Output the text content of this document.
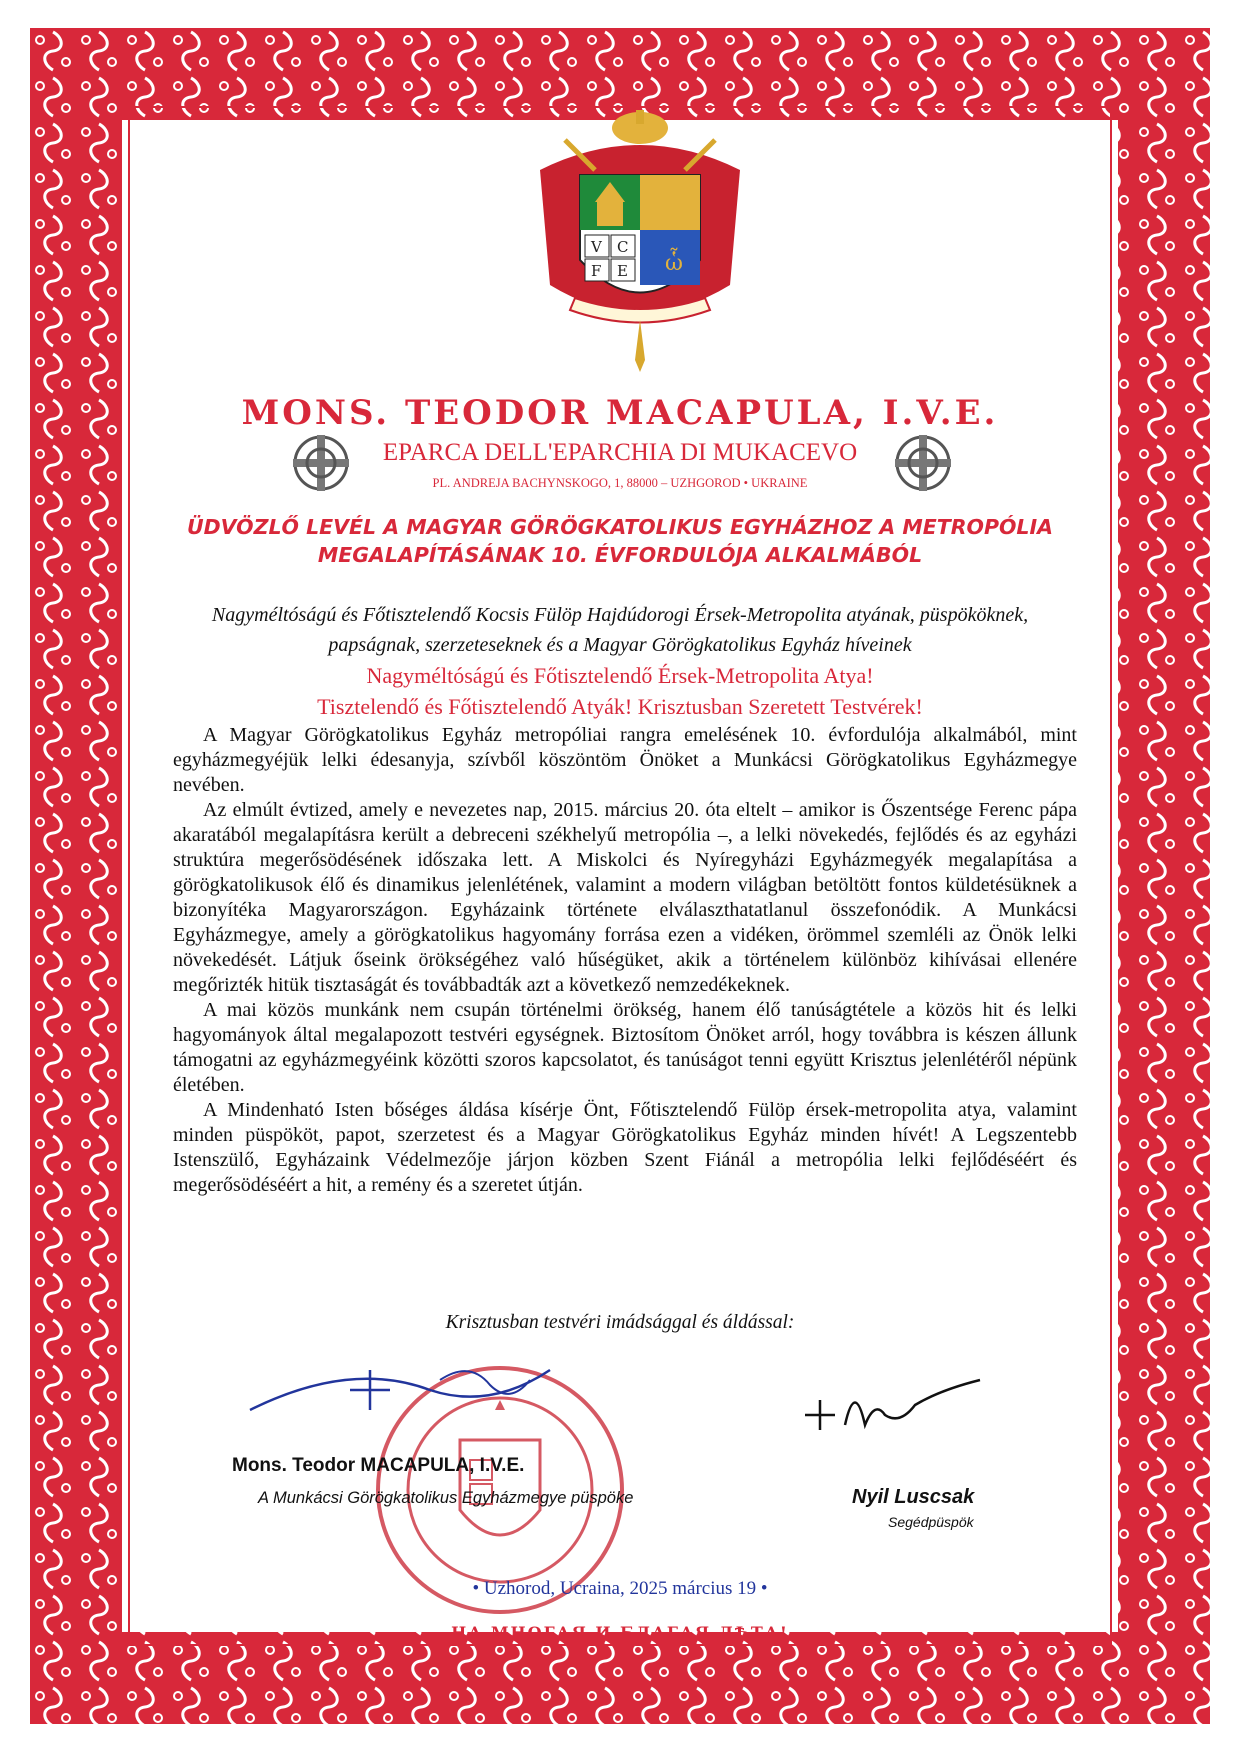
ὧ
V C
F E
MONS. TEODOR MACAPULA, I.V.E.
EPARCA DELL'EPARCHIA DI MUKACEVO
PL. ANDREJA BACHYNSKOGO, 1, 88000 – UZHGOROD • UKRAINE
ÜDVÖZLŐ LEVÉL A MAGYAR GÖRÖGKATOLIKUS EGYHÁZHOZ A METROPÓLIA
MEGALAPÍTÁSÁNAK 10. ÉVFORDULÓJA ALKALMÁBÓL
Nagyméltóságú és Főtisztelendő Kocsis Fülöp Hajdúdorogi Érsek-Metropolita atyának, püspököknek,
papságnak, szerzeteseknek és a Magyar Görögkatolikus Egyház híveinek
Nagyméltóságú és Főtisztelendő Érsek-Metropolita Atya!
Tisztelendő és Főtisztelendő Atyák! Krisztusban Szeretett Testvérek!

A Magyar Görögkatolikus Egyház metropóliai rangra emelésének 10. évfordulója alkalmából, mint egyházmegyéjük lelki édesanyja, szívből köszöntöm Önöket a Munkácsi Görögkatolikus Egyházmegye nevében.

Az elmúlt évtized, amely e nevezetes nap, 2015. március 20. óta eltelt – amikor is Őszentsége Ferenc pápa akaratából megalapításra került a debreceni székhelyű metropólia –, a lelki növekedés, fejlődés és az egyházi struktúra megerősödésének időszaka lett. A Miskolci és Nyíregyházi Egyházmegyék megalapítása a görögkatolikusok élő és dinamikus jelenlétének, valamint a modern világban betöltött fontos küldetésüknek a bizonyítéka Magyarországon. Egyházaink története elválaszthatatlanul összefonódik. A Munkácsi Egyházmegye, amely a görögkatolikus hagyomány forrása ezen a vidéken, örömmel szemléli az Önök lelki növekedését. Látjuk őseink örökségéhez való hűségüket, akik a történelem különböz kihívásai ellenére megőrizték hitük tisztaságát és továbbadták azt a következő nemzedékeknek.

A mai közös munkánk nem csupán történelmi örökség, hanem élő tanúságtétele a közös hit és lelki hagyományok által megalapozott testvéri egységnek. Biztosítom Önöket arról, hogy továbbra is készen állunk támogatni az egyházmegyéink közötti szoros kapcsolatot, és tanúságot tenni együtt Krisztus jelenlétéről népünk életében.

A Mindenható Isten bőséges áldása kísérje Önt, Főtisztelendő Fülöp érsek-metropolita atya, valamint minden püspököt, papot, szerzetest és a Magyar Görögkatolikus Egyház minden hívét! A Legszentebb Istenszülő, Egyházaink Védelmezője járjon közben Szent Fiánál a metropólia lelki fejlődéséért és megerősödéséért a hit, a remény és a szeretet útján.

Krisztusban testvéri imádsággal és áldással:
Mons. Teodor MACAPULA, I.V.E.
A Munkácsi Görögkatolikus Egyházmegye püspöke	Nyil Luscsak
Segédpüspök
• Uzhorod, Ucraina, 2025 március 19 •
НА МНОГАЯ И БЛАГАЯ ЛѢТА!
